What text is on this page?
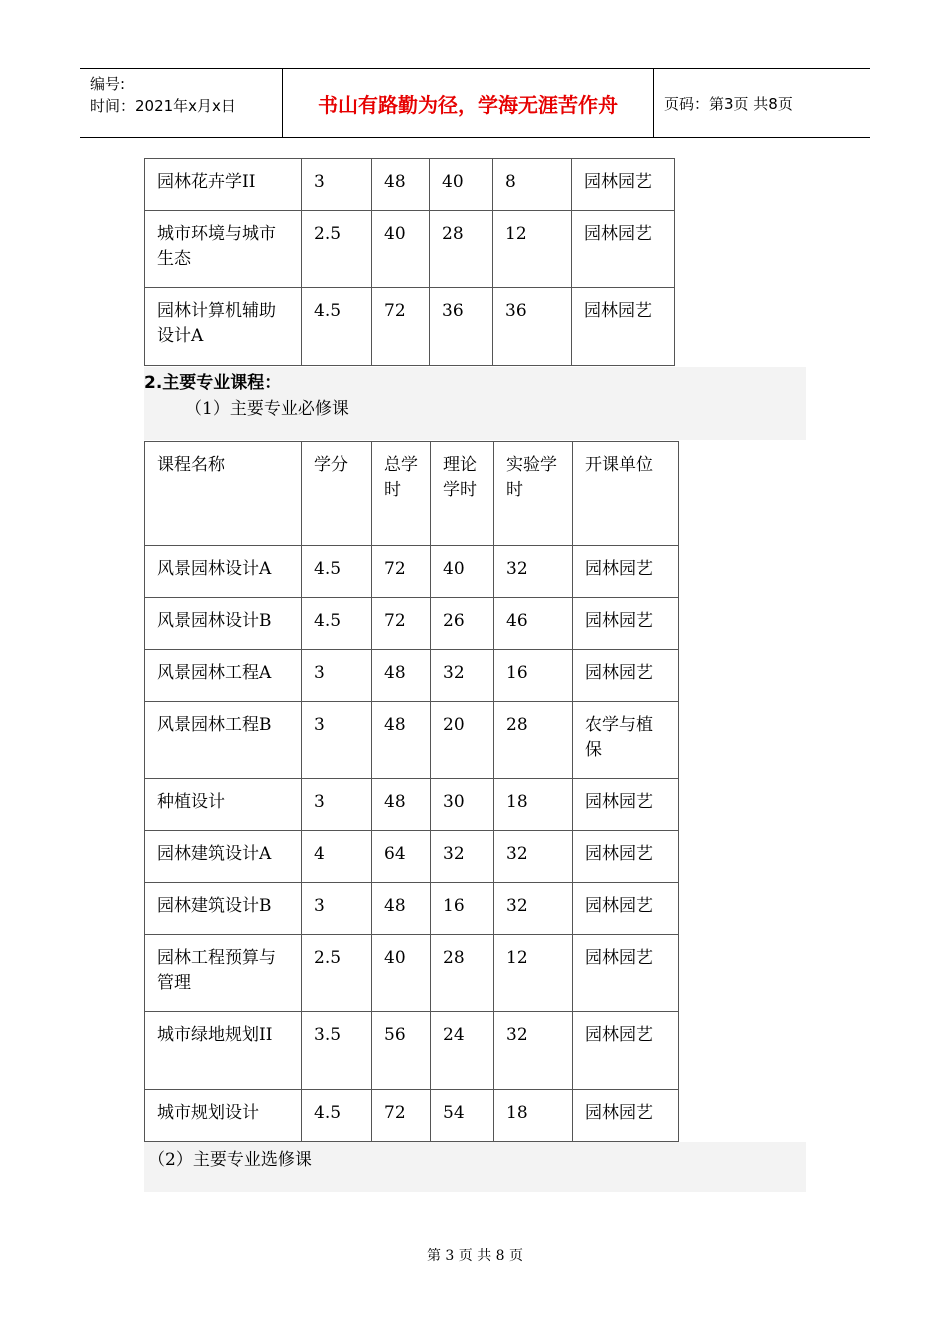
编号:
时间：2021年x月x日	书山有路勤为径，学海无涯苦作舟	页码：第3页 共8页
园林花卉学II	3	48	40	8	园林园艺
城市环境与城市生态	2.5	40	28	12	园林园艺
园林计算机辅助设计A	4.5	72	36	36	园林园艺
2.主要专业课程：
（1）主要专业必修课
课程名称	学分	总学时	理论学时	实验学时	开课单位
风景园林设计A	4.5	72	40	32	园林园艺
风景园林设计B	4.5	72	26	46	园林园艺
风景园林工程A	3	48	32	16	园林园艺
风景园林工程B	3	48	20	28	农学与植保
种植设计	3	48	30	18	园林园艺
园林建筑设计A	4	64	32	32	园林园艺
园林建筑设计B	3	48	16	32	园林园艺
园林工程预算与管理	2.5	40	28	12	园林园艺
城市绿地规划II	3.5	56	24	32	园林园艺
城市规划设计	4.5	72	54	18	园林园艺
（2）主要专业选修课
第 3 页 共 8 页
